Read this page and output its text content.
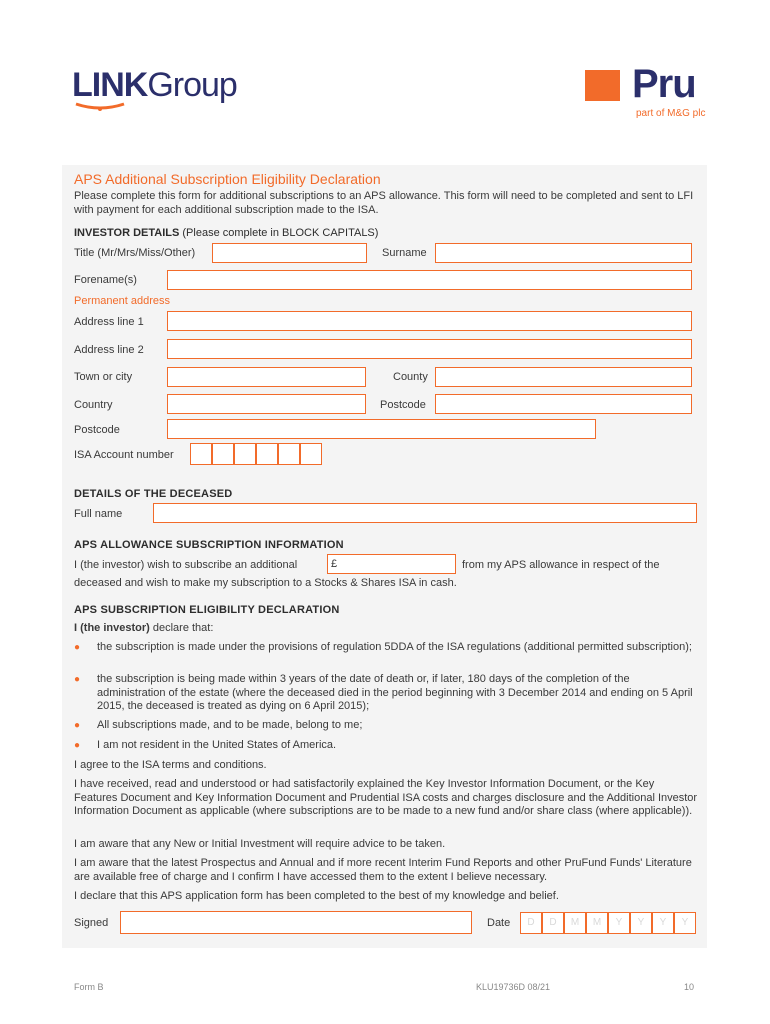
LINKGroup	Pru
part of M&G plc
APS Additional Subscription Eligibility Declaration
Please complete this form for additional subscriptions to an APS allowance. This form will need to be completed and sent to LFI with payment for each additional subscription made to the ISA.
INVESTOR DETAILS (Please complete in BLOCK CAPITALS)
Title (Mr/Mrs/Miss/Other)	Surname
Forename(s)
Permanent address
Address line 1
Address line 2
Town or city	County
Country	Postcode
Postcode
ISA Account number
DETAILS OF THE DECEASED
Full name
APS ALLOWANCE SUBSCRIPTION INFORMATION
I (the investor) wish to subscribe an additional	£	from my APS allowance in respect of the
deceased and wish to make my subscription to a Stocks & Shares ISA in cash.
APS SUBSCRIPTION ELIGIBILITY DECLARATION
I (the investor) declare that:
● the subscription is made under the provisions of regulation 5DDA of the ISA regulations (additional permitted subscription);
● the subscription is being made within 3 years of the date of death or, if later, 180 days of the completion of the administration of the estate (where the deceased died in the period beginning with 3 December 2014 and ending on 5 April 2015, the deceased is treated as dying on 6 April 2015);
● All subscriptions made, and to be made, belong to me;
● I am not resident in the United States of America.
I agree to the ISA terms and conditions.
I have received, read and understood or had satisfactorily explained the Key Investor Information Document, or the Key Features Document and Key Information Document and Prudential ISA costs and charges disclosure and the Additional Investor Information Document as applicable (where subscriptions are to be made to a new fund and/or share class (where applicable)).
I am aware that any New or Initial Investment will require advice to be taken.
I am aware that the latest Prospectus and Annual and if more recent Interim Fund Reports and other PruFund Funds' Literature are available free of charge and I confirm I have accessed them to the extent I believe necessary.
I declare that this APS application form has been completed to the best of my knowledge and belief.
Signed	Date	D	D	M	M	Y	Y	Y	Y
Form B	KLU19736D 08/21	10
